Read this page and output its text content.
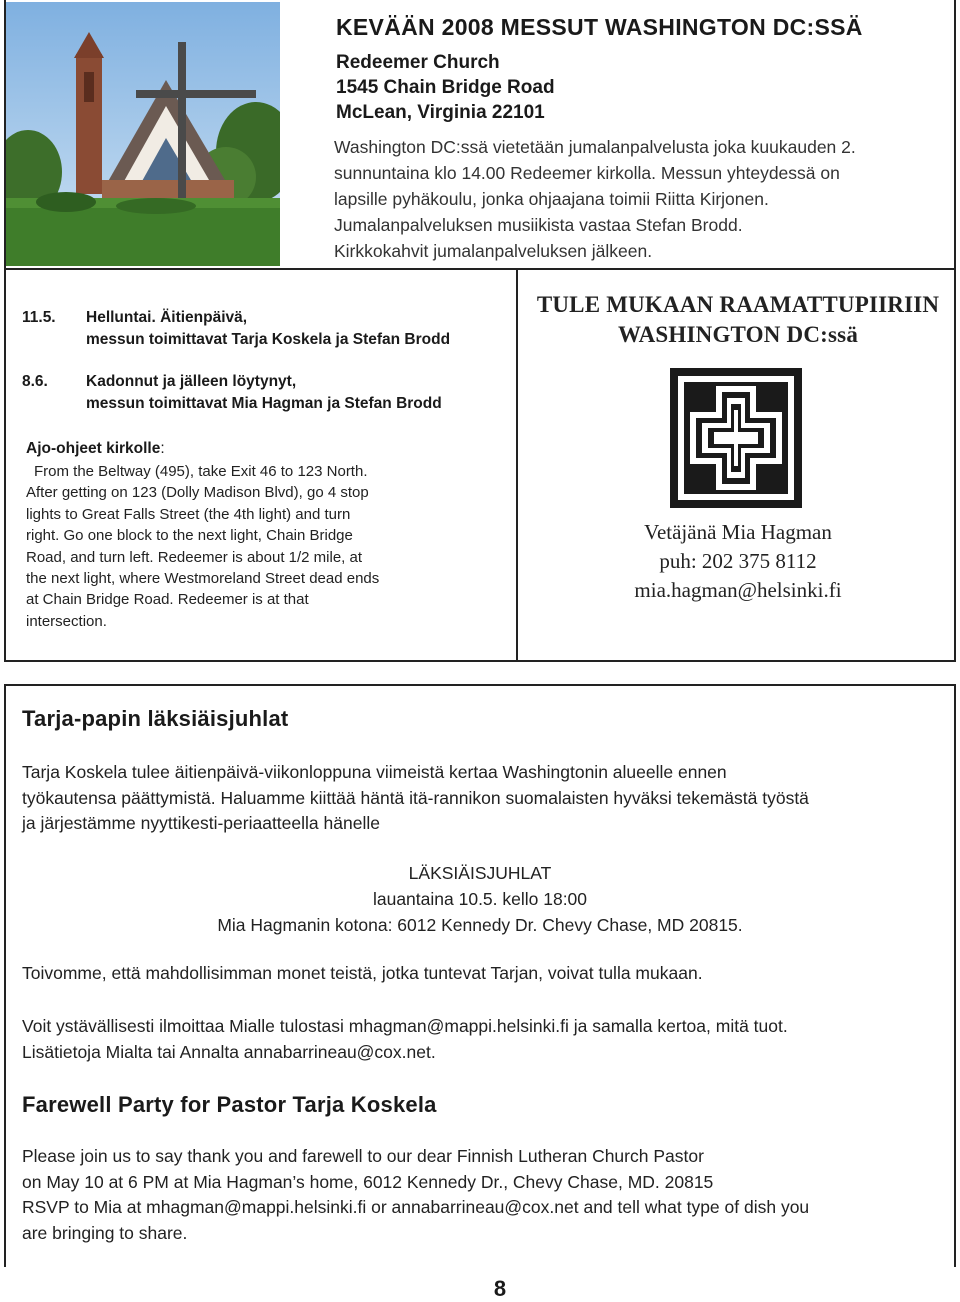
KEVÄÄN 2008 MESSUT WASHINGTON DC:SSÄ
Redeemer Church
1545 Chain Bridge Road
McLean, Virginia 22101
Washington DC:ssä vietetään jumalanpalvelusta joka kuukauden 2.
sunnuntaina klo 14.00 Redeemer kirkolla. Messun yhteydessä on
lapsille pyhäkoulu, jonka ohjaajana toimii Riitta Kirjonen.
Jumalanpalveluksen musiikista vastaa Stefan Brodd.
Kirkkokahvit jumalanpalveluksen jälkeen.
11.5. Helluntai. Äitienpäivä,
messun toimittavat Tarja Koskela ja Stefan Brodd
8.6. Kadonnut ja jälleen löytynyt,
messun toimittavat Mia Hagman ja Stefan Brodd
Ajo-ohjeet kirkolle:
From the Beltway (495), take Exit 46 to 123 North.
After getting on 123 (Dolly Madison Blvd), go 4 stop
lights to Great Falls Street (the 4th light) and turn
right. Go one block to the next light, Chain Bridge
Road, and turn left. Redeemer is about 1/2 mile, at
the next light, where Westmoreland Street dead ends
at Chain Bridge Road. Redeemer is at that
intersection.
TULE MUKAAN RAAMATTUPIIRIIN
WASHINGTON DC:ssä
Vetäjänä Mia Hagman
puh: 202 375 8112
mia.hagman@helsinki.fi
Tarja-papin läksiäisjuhlat
Tarja Koskela tulee äitienpäivä-viikonloppuna viimeistä kertaa Washingtonin alueelle ennen
työkautensa päättymistä. Haluamme kiittää häntä itä-rannikon suomalaisten hyväksi tekemästä työstä
ja järjestämme nyyttikesti-periaatteella hänelle
LÄKSIÄISJUHLAT
lauantaina 10.5. kello 18:00
Mia Hagmanin kotona: 6012 Kennedy Dr. Chevy Chase, MD 20815.
Toivomme, että mahdollisimman monet teistä, jotka tuntevat Tarjan, voivat tulla mukaan.
Voit ystävällisesti ilmoittaa Mialle tulostasi mhagman@mappi.helsinki.fi ja samalla kertoa, mitä tuot.
Lisätietoja Mialta tai Annalta annabarrineau@cox.net.
Farewell Party for Pastor Tarja Koskela
Please join us to say thank you and farewell to our dear Finnish Lutheran Church Pastor
on May 10 at 6 PM at Mia Hagman’s home, 6012 Kennedy Dr., Chevy Chase, MD. 20815
RSVP to Mia at mhagman@mappi.helsinki.fi or annabarrineau@cox.net and tell what type of dish you
are bringing to share.
8
